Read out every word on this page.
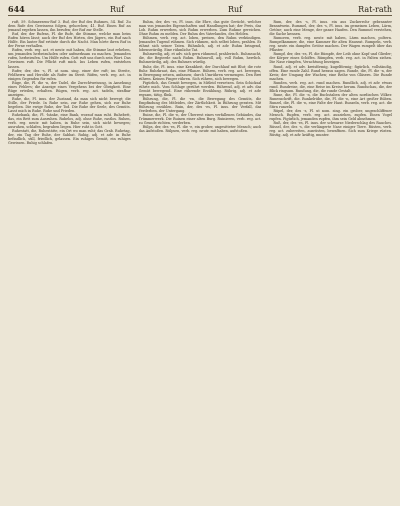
644	Ruf	Ruf	Rat-rath

ruft, 59. Schmerzens-Ruf 3. Ruf, der Ruf des Ruhmes, 54. Ruf. Zu dem Rufe des Gewissens folgen, gehorchen; 41. Ruf. Einen Ruf an jemand ergehen lassen, ihn berufen; der Ruf zur Stelle.

Ruf, der, der Rufens, Pl. die Rufe, die Stimme, welche man beim Rufen hören lässt; auch der Ruf des Hirten, des Jägers, ein Ruf nach Hülfe. Ein lauter Ruf ertönte durch die Nacht. Man hörte ihren Ruf in der Ferne verhallen.

Rufen, verb. reg. act. et neutr. mit haben, die Stimme laut erheben, um jemanden herbeizuholen oder aufmerksam zu machen. Jemanden rufen, herbeirufen. Um Hülfe rufen. Gott ruft uns durch sein Wort. Das Gewissen ruft. Die Pflicht ruft mich. Ins Leben rufen, entstehen lassen.

Rufer, der, des -s, Pl. ut nom. sing. einer der ruft; im Streite, Feldherrn und Herolde als Rufer im Streit. Rüfen, verb. reg. act. in einigen Gegenden für rufen.

Rüge, die, Pl. die -n, der Tadel, die Zurechtweisung, in Ansehung eines Fehlers; die Anzeige eines Vergehens bei der Obrigkeit. Eine Rüge erteilen, erhalten. Rügen, verb. reg. act. tadeln, strafbar anzeigen.

Ruhe, die, Pl. inus. der Zustand, da man sich nicht bewegt; die Stille, der Friede. In Ruhe sein, zur Ruhe gehen, sich zur Ruhe begeben. Die ewige Ruhe, der Tod. Die Ruhe der Seele, des Gemüts. Lasst mich in Ruhe. Ruhe und Frieden.

Ruhebank, die, Pl. -bänke, eine Bank, worauf man ruht. Ruhebett, das, ein Bett zum Ausruhen. Ruhelos, adj. ohne Ruhe, rastlos. Ruhen, verb. reg. neutr. mit haben, in Ruhe sein, sich nicht bewegen; ausruhen, schlafen, begraben liegen. Hier ruht in Gott.

Ruhestatt, die, Ruhestätte, ein Ort wo man ruht; das Grab. Ruhetag, der, ein Tag der Ruhe, der Sabbat. Ruhig, adj. et adv. in Ruhe befindlich, still, friedlich, gelassen. Ein ruhiges Gemüt, ein ruhiges Gewissen. Ruhig schlafen.

Ruhm, der, des -es, Pl. inus. die Ehre, das gute Gerücht, welches man von jemandes Eigenschaften und Handlungen hat; der Preis, das Lob. Ruhm erwerben, sich Ruhm erwerben. Zum Ruhme gereichen. Ohne Ruhm zu melden. Der Ruhm des Vaterlandes, des Helden.

Rühmen, verb. reg. act. loben, preisen, den Ruhm verkündigen. Jemandes Tugend rühmen. Sich rühmen, sich selbst loben, prahlen. Er rühmt sich seiner Taten. Rühmlich, adj. et adv. Ruhm bringend, lobenswürdig. Eine rühmliche Tat.

Ruhmredig, adj. et adv. sich gern rühmend, prahlerisch. Ruhmsucht, die, die Begierde nach Ruhm. Ruhmvoll, adj. voll Ruhm, herrlich. Ruhmwürdig, adj. des Ruhmes würdig.

Ruhr, die, Pl. inus. eine Krankheit, der Durchlauf mit Blut; die rote Ruhr. Ruhrkraut, das, eine Pflanze. Rühren, verb. reg. act. bewegen, in Bewegung setzen, anfassen; durch Umrühren vermengen. Den Brei rühren. Keinen Finger rühren. Sich rühren, sich bewegen.

Figürlich, das Gemüt bewegen, in Mitleid versetzen. Sein Schicksal rührte mich. Vom Schlage gerührt werden. Rührend, adj. et adv. das Gemüt bewegend. Eine rührende Erzählung. Rührig, adj. et adv. regsam, tätig, flink.

Rührung, die, Pl. die -en, die Bewegung des Gemüts, die Empfindung des Mitleides, der Zärtlichkeit. In Rührung geraten. Mit Rührung erzählen. Ruin, der, des -es, Pl. inus. der Verfall, das Verderben, der Untergang.

Ruine, die, Pl. die -n, der Überrest eines verfallenen Gebäudes, das Trümmerwerk. Die Ruinen einer alten Burg. Ruinieren, verb. reg. act. zu Grunde richten, verderben.

Rülps, der, des -es, Pl. die -e, ein grober, ungesitteter Mensch; auch das Aufstoßen. Rülpsen, verb. reg. neutr. mit haben, aufstoßen.

Rum, der, des -s, Pl. inus. ein aus Zuckerrohr gebrannter Branntwein. Rummel, der, des -s, Pl. inus. im gemeinen Leben, Lärm, Getöse; auch eine Menge, der ganze Haufen. Den Rummel verstehen, die Sache kennen.

Rumoren, verb. reg. neutr. mit haben, Lärm machen, poltern. Rumpelkammer, die, eine Kammer für alten Hausrat. Rumpeln, verb. reg. neutr. ein dumpfes Getöse machen. Der Wagen rumpelt über das Pflaster.

Rumpf, der, des -es, Pl. die Rümpfe, der Leib ohne Kopf und Glieder; der Körper eines Schiffes. Rümpfen, verb. reg. act. in Falten ziehen. Die Nase rümpfen, Verachtung bezeigen.

Rund, adj. et adv. kreisförmig, kugelförmig; figürlich, vollständig, offen. Eine runde Zahl. Rund heraus sagen. Runde, die, Pl. die -n, der Kreis; der Umgang der Wachen; eine Reihe von Gläsern. Die Runde machen.

Runden, verb. reg. act. rund machen. Rundlich, adj. et adv. etwas rund. Rundreise, die, eine Reise im Kreise herum. Rundschau, die, der Blick ringsum. Rundung, die, die runde Gestalt.

Rune, die, Pl. die -n, die Buchstaben der alten nordischen Völker. Runenschrift, die. Runkelrübe, die, Pl. die -n, eine Art großer Rüben. Runzel, die, Pl. die -n, eine Falte der Haut. Runzeln, verb. reg. act. die Stirn runzeln.

Rüpel, der, des -s, Pl. ut nom. sing. ein grober, ungeschliffener Mensch. Rupfen, verb. reg. act. ausziehen, zupfen. Einen Vogel rupfen. Figürlich, jemanden rupfen, ihm sein Geld abnehmen.

Ruß, der, des -es, Pl. inus. der schwarze Niederschlag des Rauches. Rüssel, der, des -s, die verlängerte Nase einiger Tiere. Rüsten, verb. reg. act. zubereiten, ausrüsten, bewaffnen. Sich zum Kriege rüsten. Rüstig, adj. et adv. kräftig, munter.
